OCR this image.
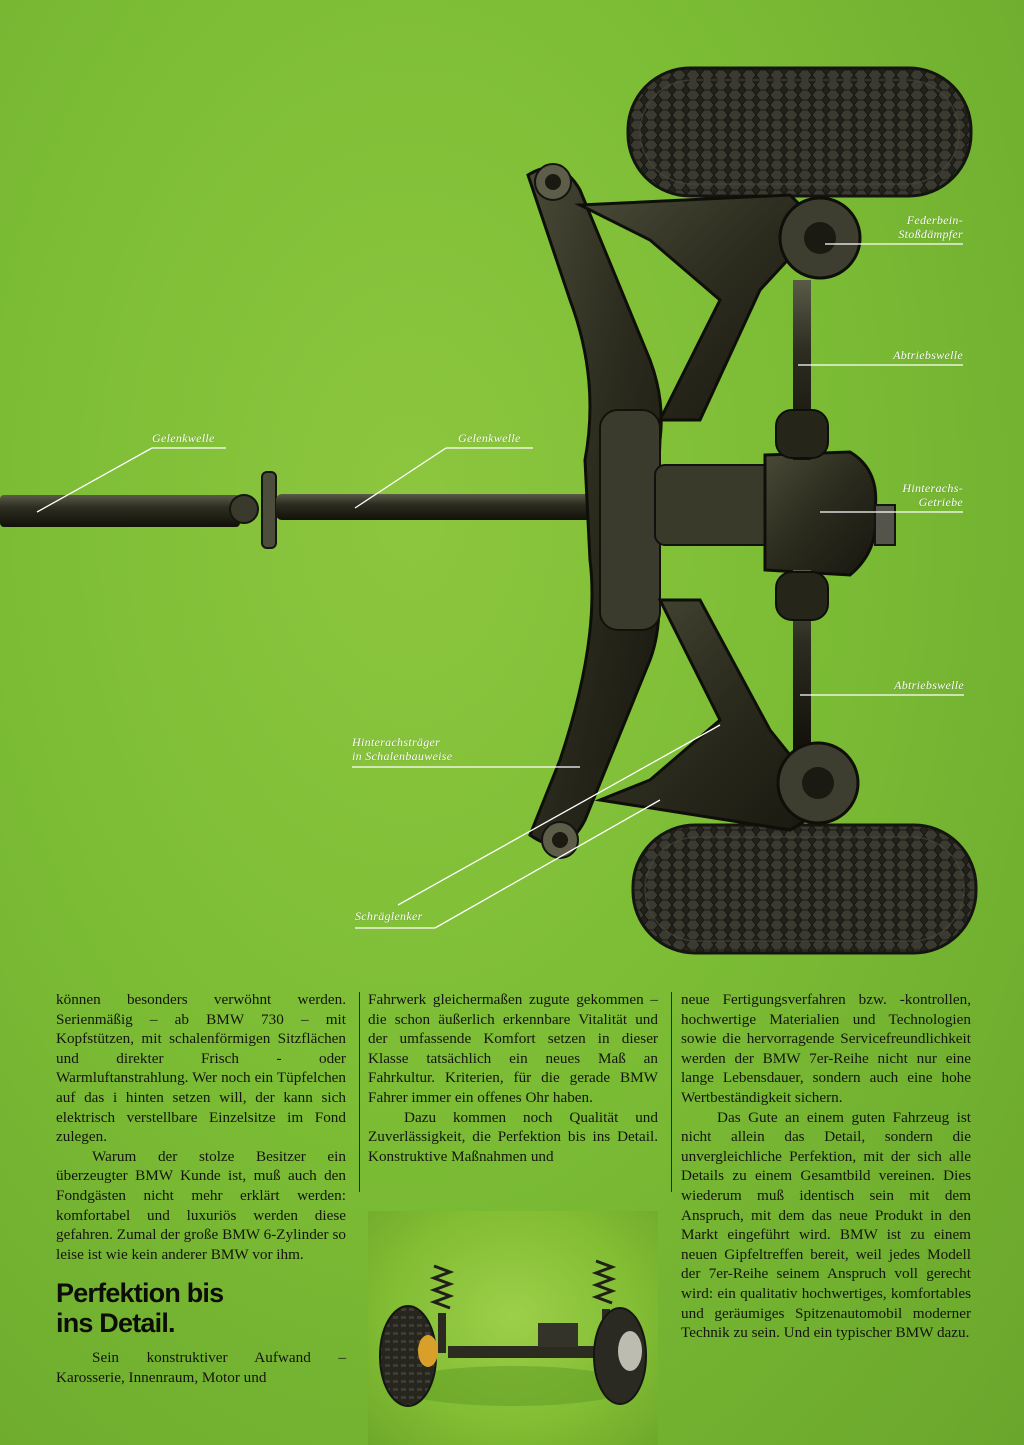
Gelenkwelle	Gelenkwelle
Federbein-
Stoßdämpfer
Abtriebswelle
Hinterachs-
Getriebe
Abtriebswelle
Hinterachsträger
in Schalenbauweise
Schräglenker

können besonders verwöhnt werden. Serienmäßig – ab BMW 730 – mit Kopfstützen, mit schalenförmigen Sitzflächen und direkter Frisch - oder Warmluftanstrahlung. Wer noch ein Tüpfelchen auf das i hinten setzen will, der kann sich elektrisch verstellbare Einzelsitze im Fond zulegen.

Warum der stolze Besitzer ein überzeugter BMW Kunde ist, muß auch den Fondgästen nicht mehr erklärt werden: komfortabel und luxuriös werden diese gefahren. Zumal der große BMW 6-Zylinder so leise ist wie kein anderer BMW vor ihm.

Perfektion bis
ins Detail.

Sein konstruktiver Aufwand – Karosserie, Innenraum, Motor und

Fahrwerk gleichermaßen zugute gekommen – die schon äußerlich erkennbare Vitalität und der umfassende Komfort setzen in dieser Klasse tatsächlich ein neues Maß an Fahrkultur. Kriterien, für die gerade BMW Fahrer immer ein offenes Ohr haben.

Dazu kommen noch Qualität und Zuverlässigkeit, die Perfektion bis ins Detail. Konstruktive Maßnahmen und

neue Fertigungsverfahren bzw. -kontrollen, hochwertige Materialien und Technologien sowie die hervorragende Servicefreundlichkeit werden der BMW 7er-Reihe nicht nur eine lange Lebensdauer, sondern auch eine hohe Wertbeständigkeit sichern.

Das Gute an einem guten Fahrzeug ist nicht allein das Detail, sondern die unvergleichliche Perfektion, mit der sich alle Details zu einem Gesamtbild vereinen. Dies wiederum muß identisch sein mit dem Anspruch, mit dem das neue Produkt in den Markt eingeführt wird. BMW ist zu einem neuen Gipfeltreffen bereit, weil jedes Modell der 7er-Reihe seinem Anspruch voll gerecht wird: ein qualitativ hochwertiges, komfortables und geräumiges Spitzenautomobil moderner Technik zu sein. Und ein typischer BMW dazu.
